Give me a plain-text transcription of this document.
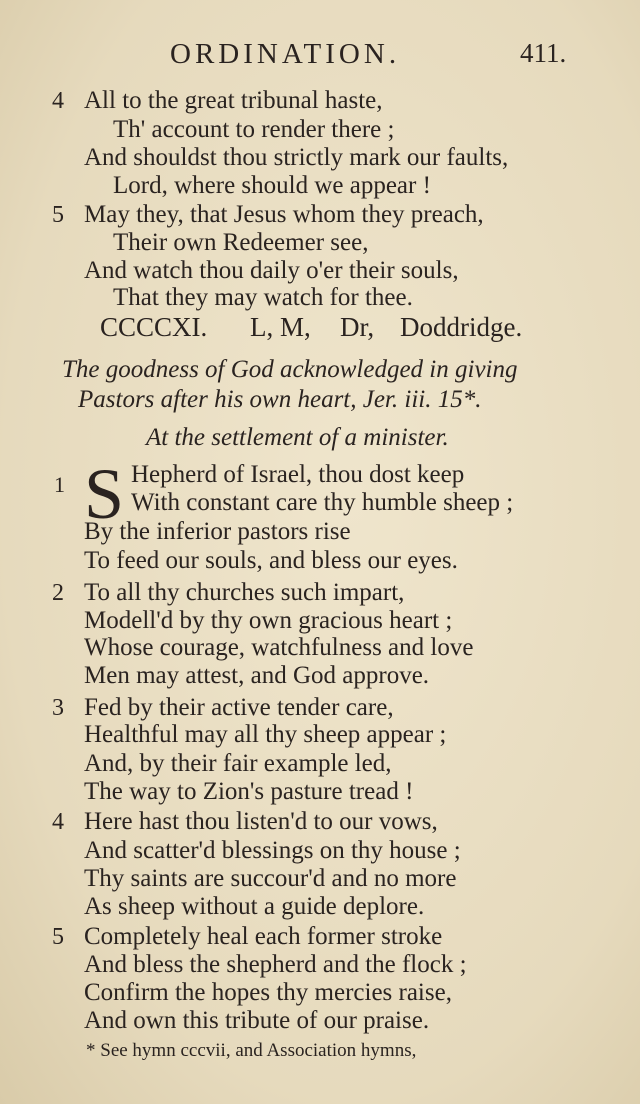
ORDINATION.	411.
4 All to the great tribunal haste,
Th' account to render there ;
And shouldst thou strictly mark our faults,
Lord, where should we appear !
5 May they, that Jesus whom they preach,
Their own Redeemer see,
And watch thou daily o'er their souls,
That they may watch for thee.
CCCCXI. L, M, Dr, Doddridge.
The goodness of God acknowledged in giving
Pastors after his own heart, Jer. iii. 15*.
At the settlement of a minister.
1 S Hepherd of Israel, thou dost keep
With constant care thy humble sheep ;
By the inferior pastors rise
To feed our souls, and bless our eyes.
2 To all thy churches such impart,
Modell'd by thy own gracious heart ;
Whose courage, watchfulness and love
Men may attest, and God approve.
3 Fed by their active tender care,
Healthful may all thy sheep appear ;
And, by their fair example led,
The way to Zion's pasture tread !
4 Here hast thou listen'd to our vows,
And scatter'd blessings on thy house ;
Thy saints are succour'd and no more
As sheep without a guide deplore.
5 Completely heal each former stroke
And bless the shepherd and the flock ;
Confirm the hopes thy mercies raise,
And own this tribute of our praise.
* See hymn cccvii, and Association hymns,
